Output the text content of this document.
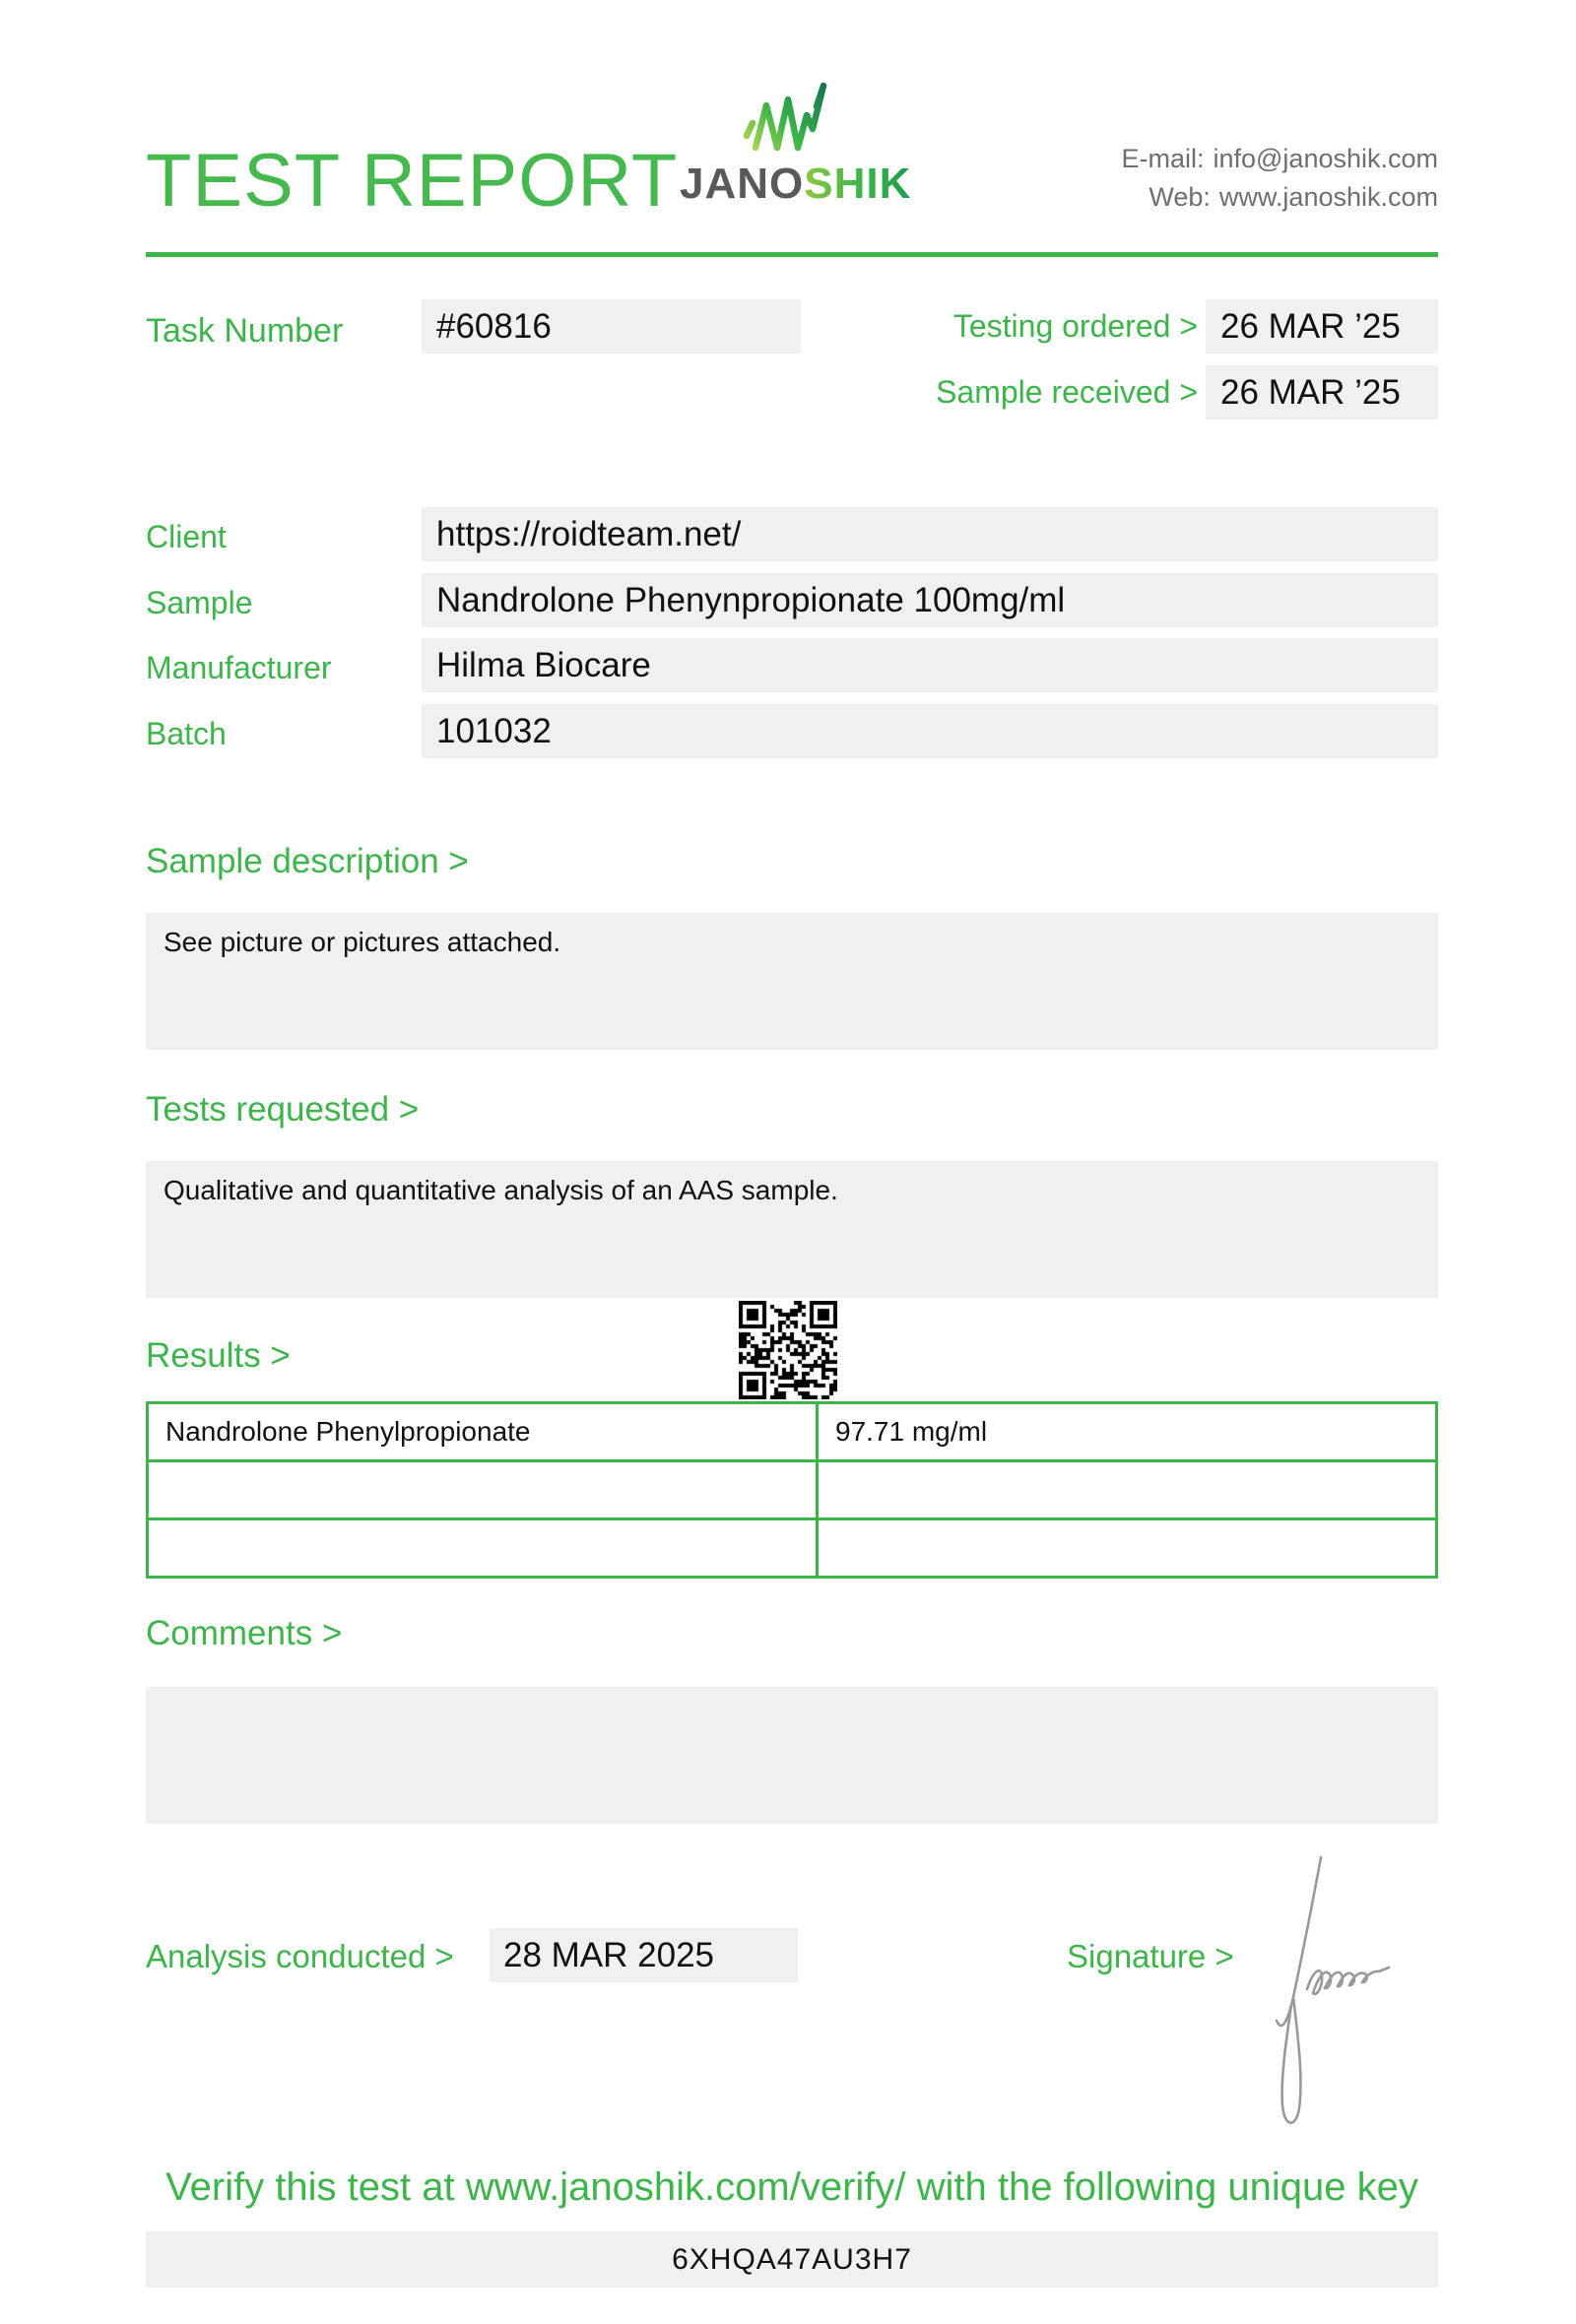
TEST REPORT JANOSHIK
E-mail: info@janoshik.com
Web: www.janoshik.com
Task Number	#60816	Testing ordered > 26 MAR ’25
Sample received > 26 MAR ’25
Client	https://roidteam.net/
Sample	Nandrolone Phenynpropionate 100mg/ml
Manufacturer	Hilma Biocare
Batch	101032
Sample description >
See picture or pictures attached.
Tests requested >
Qualitative and quantitative analysis of an AAS sample.
Results >
Nandrolone Phenylpropionate	97.71 mg/ml

Comments >
Analysis conducted >	28 MAR 2025	Signature >
Verify this test at www.janoshik.com/verify/ with the following unique key
6XHQA47AU3H7
